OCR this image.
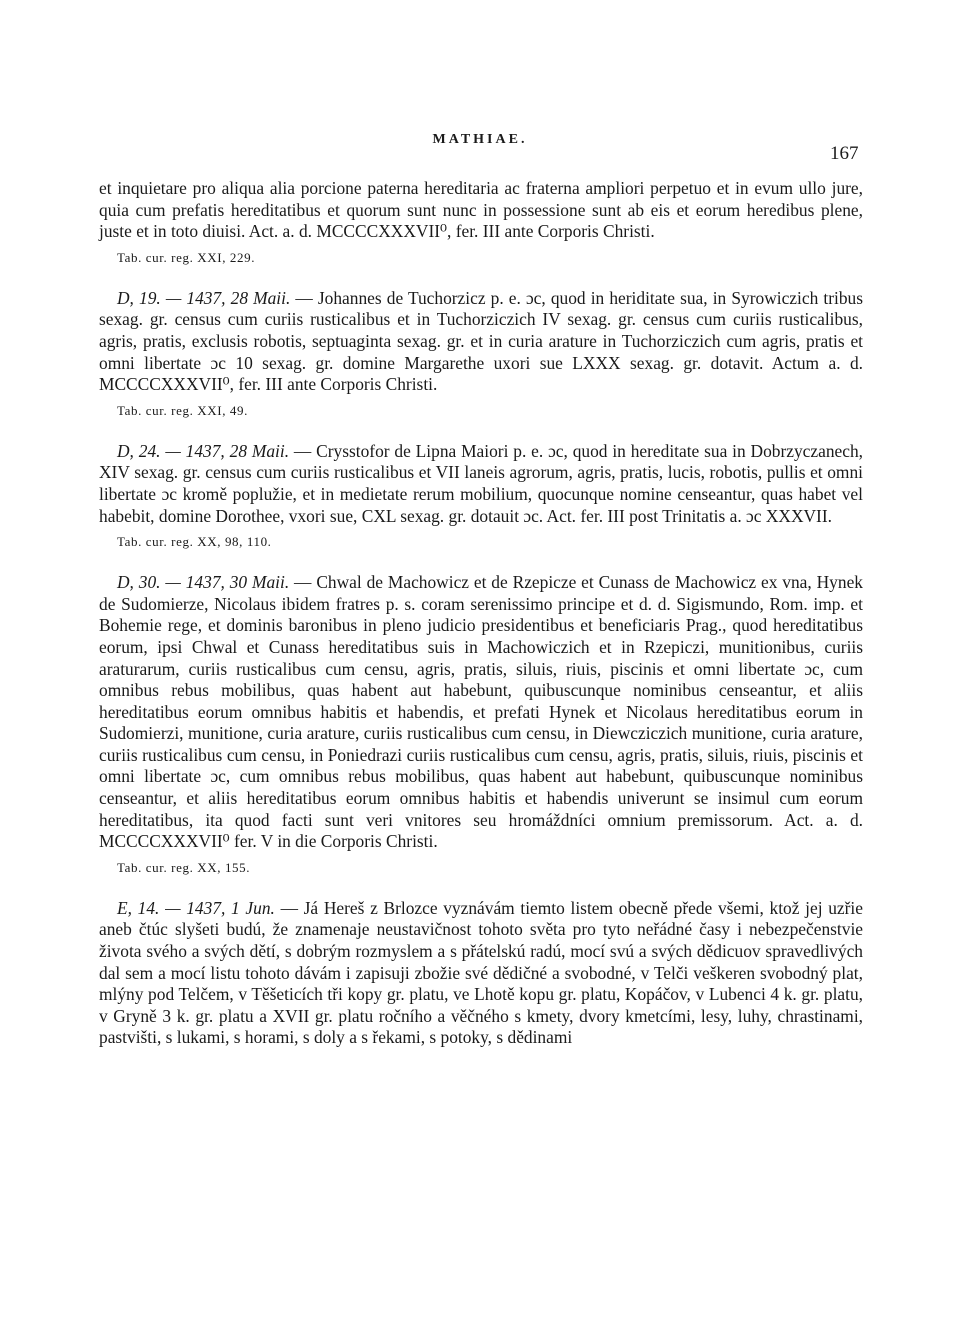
MATHIAE.
167

et inquietare pro aliqua alia porcione paterna hereditaria ac fraterna ampliori perpetuo et in evum ullo jure, quia cum prefatis hereditatibus et quorum sunt nunc in possessione sunt ab eis et eorum heredibus plene, juste et in toto diuisi. Act. a. d. MCCCCXXXVII⁰, fer. III ante Corporis Christi.

Tab. cur. reg. XXI, 229.

D, 19. — 1437, 28 Maii. — Johannes de Tuchorzicz p. e. ɔc, quod in heriditate sua, in Syrowiczich tribus sexag. gr. census cum curiis rusticalibus et in Tuchorziczich IV sexag. gr. census cum curiis rusticalibus, agris, pratis, exclusis robotis, septuaginta sexag. gr. et in curia arature in Tuchorziczich cum agris, pratis et omni libertate ɔc 10 sexag. gr. domine Margarethe uxori sue LXXX sexag. gr. dotavit. Actum a. d. MCCCCXXXVII⁰, fer. III ante Corporis Christi.

Tab. cur. reg. XXI, 49.

D, 24. — 1437, 28 Maii. — Crysstofor de Lipna Maiori p. e. ɔc, quod in hereditate sua in Dobrzyczanech, XIV sexag. gr. census cum curiis rusticalibus et VII laneis agrorum, agris, pratis, lucis, robotis, pullis et omni libertate ɔc kromě poplužie, et in medietate rerum mobilium, quocunque nomine censeantur, quas habet vel habebit, domine Dorothee, vxori sue, CXL sexag. gr. dotauit ɔc. Act. fer. III post Trinitatis a. ɔc XXXVII.

Tab. cur. reg. XX, 98, 110.

D, 30. — 1437, 30 Maii. — Chwal de Machowicz et de Rzepicze et Cunass de Machowicz ex vna, Hynek de Sudomierze, Nicolaus ibidem fratres p. s. coram serenissimo principe et d. d. Sigismundo, Rom. imp. et Bohemie rege, et dominis baronibus in pleno judicio presidentibus et beneficiaris Prag., quod hereditatibus eorum, ipsi Chwal et Cunass hereditatibus suis in Machowiczich et in Rzepiczi, munitionibus, curiis araturarum, curiis rusticalibus cum censu, agris, pratis, siluis, riuis, piscinis et omni libertate ɔc, cum omnibus rebus mobilibus, quas habent aut habebunt, quibuscunque nominibus censeantur, et aliis hereditatibus eorum omnibus habitis et habendis, et prefati Hynek et Nicolaus hereditatibus eorum in Sudomierzi, munitione, curia arature, curiis rusticalibus cum censu, in Diewcziczich munitione, curia arature, curiis rusticalibus cum censu, in Poniedrazi curiis rusticalibus cum censu, agris, pratis, siluis, riuis, piscinis et omni libertate ɔc, cum omnibus rebus mobilibus, quas habent aut habebunt, quibuscunque nominibus censeantur, et aliis hereditatibus eorum omnibus habitis et habendis univerunt se insimul cum eorum hereditatibus, ita quod facti sunt veri vnitores seu hromáždníci omnium premissorum. Act. a. d. MCCCCXXXVII⁰ fer. V in die Corporis Christi.

Tab. cur. reg. XX, 155.

E, 14. — 1437, 1 Jun. — Já Hereš z Brlozce vyznávám tiemto listem obecně přede všemi, ktož jej uzřie aneb čtúc slyšeti budú, že znamenaje neustavičnost tohoto světa pro tyto neřádné časy i nebezpečenstvie života svého a svých dětí, s dobrým rozmyslem a s přátelskú radú, mocí svú a svých dědicuov spravedlivých dal sem a mocí listu tohoto dávám i zapisuji zbožie své dědičné a svobodné, v Telči veškeren svobodný plat, mlýny pod Telčem, v Těšeticích tři kopy gr. platu, ve Lhotě kopu gr. platu, Kopáčov, v Lubenci 4 k. gr. platu, v Gryně 3 k. gr. platu a XVII gr. platu ročního a věčného s kmety, dvory kmetcími, lesy, luhy, chrastinami, pastvišti, s lukami, s horami, s doly a s řekami, s potoky, s dědinami
